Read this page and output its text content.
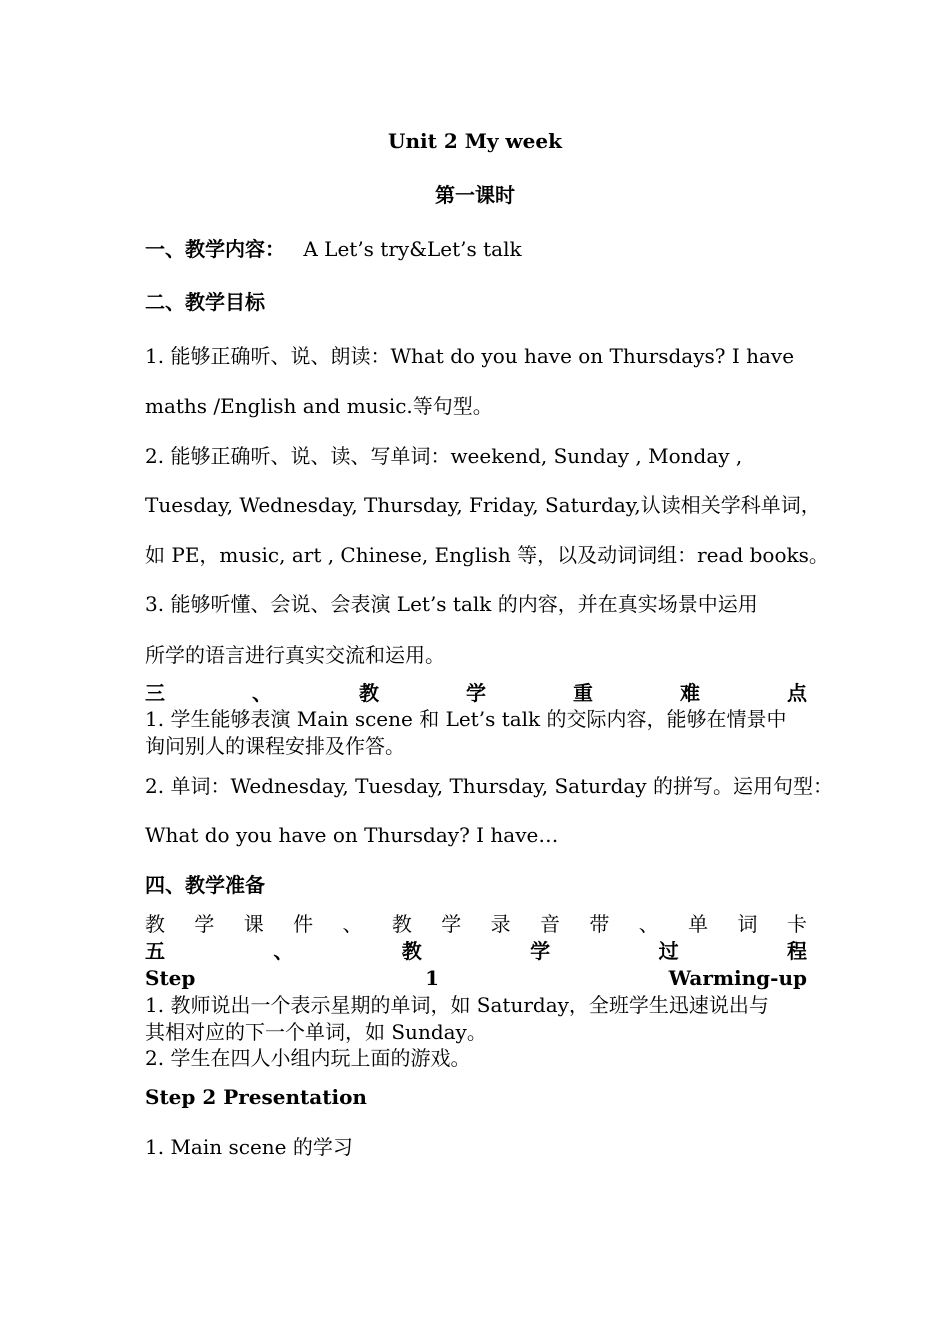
Unit 2 My week
第一课时
一、教学内容： A Let’s try&Let’s talk
二、教学目标
1. 能够正确听、说、朗读：What do you have on Thursdays? I have
maths /English and music.等句型。
2. 能够正确听、说、读、写单词：weekend, Sunday , Monday ,
Tuesday, Wednesday, Thursday, Friday, Saturday,认读相关学科单词，
如 PE，music, art , Chinese, English 等，以及动词词组：read books。
3. 能够听懂、会说、会表演 Let’s talk 的内容，并在真实场景中运用
所学的语言进行真实交流和运用。
三	、	教	学	重	难	点
1. 学生能够表演 Main scene 和 Let’s talk 的交际内容，能够在情景中
询问别人的课程安排及作答。
2. 单词：Wednesday, Tuesday, Thursday, Saturday 的拼写。运用句型：
What do you have on Thursday? I have…
四、教学准备
教 学 课 件 、 教 学 录 音 带 、 单 词 卡
五	、	教	学	过	程
Step	1	Warming-up
1. 教师说出一个表示星期的单词，如 Saturday，全班学生迅速说出与
其相对应的下一个单词，如 Sunday。
2. 学生在四人小组内玩上面的游戏。
Step 2 Presentation
1. Main scene 的学习
